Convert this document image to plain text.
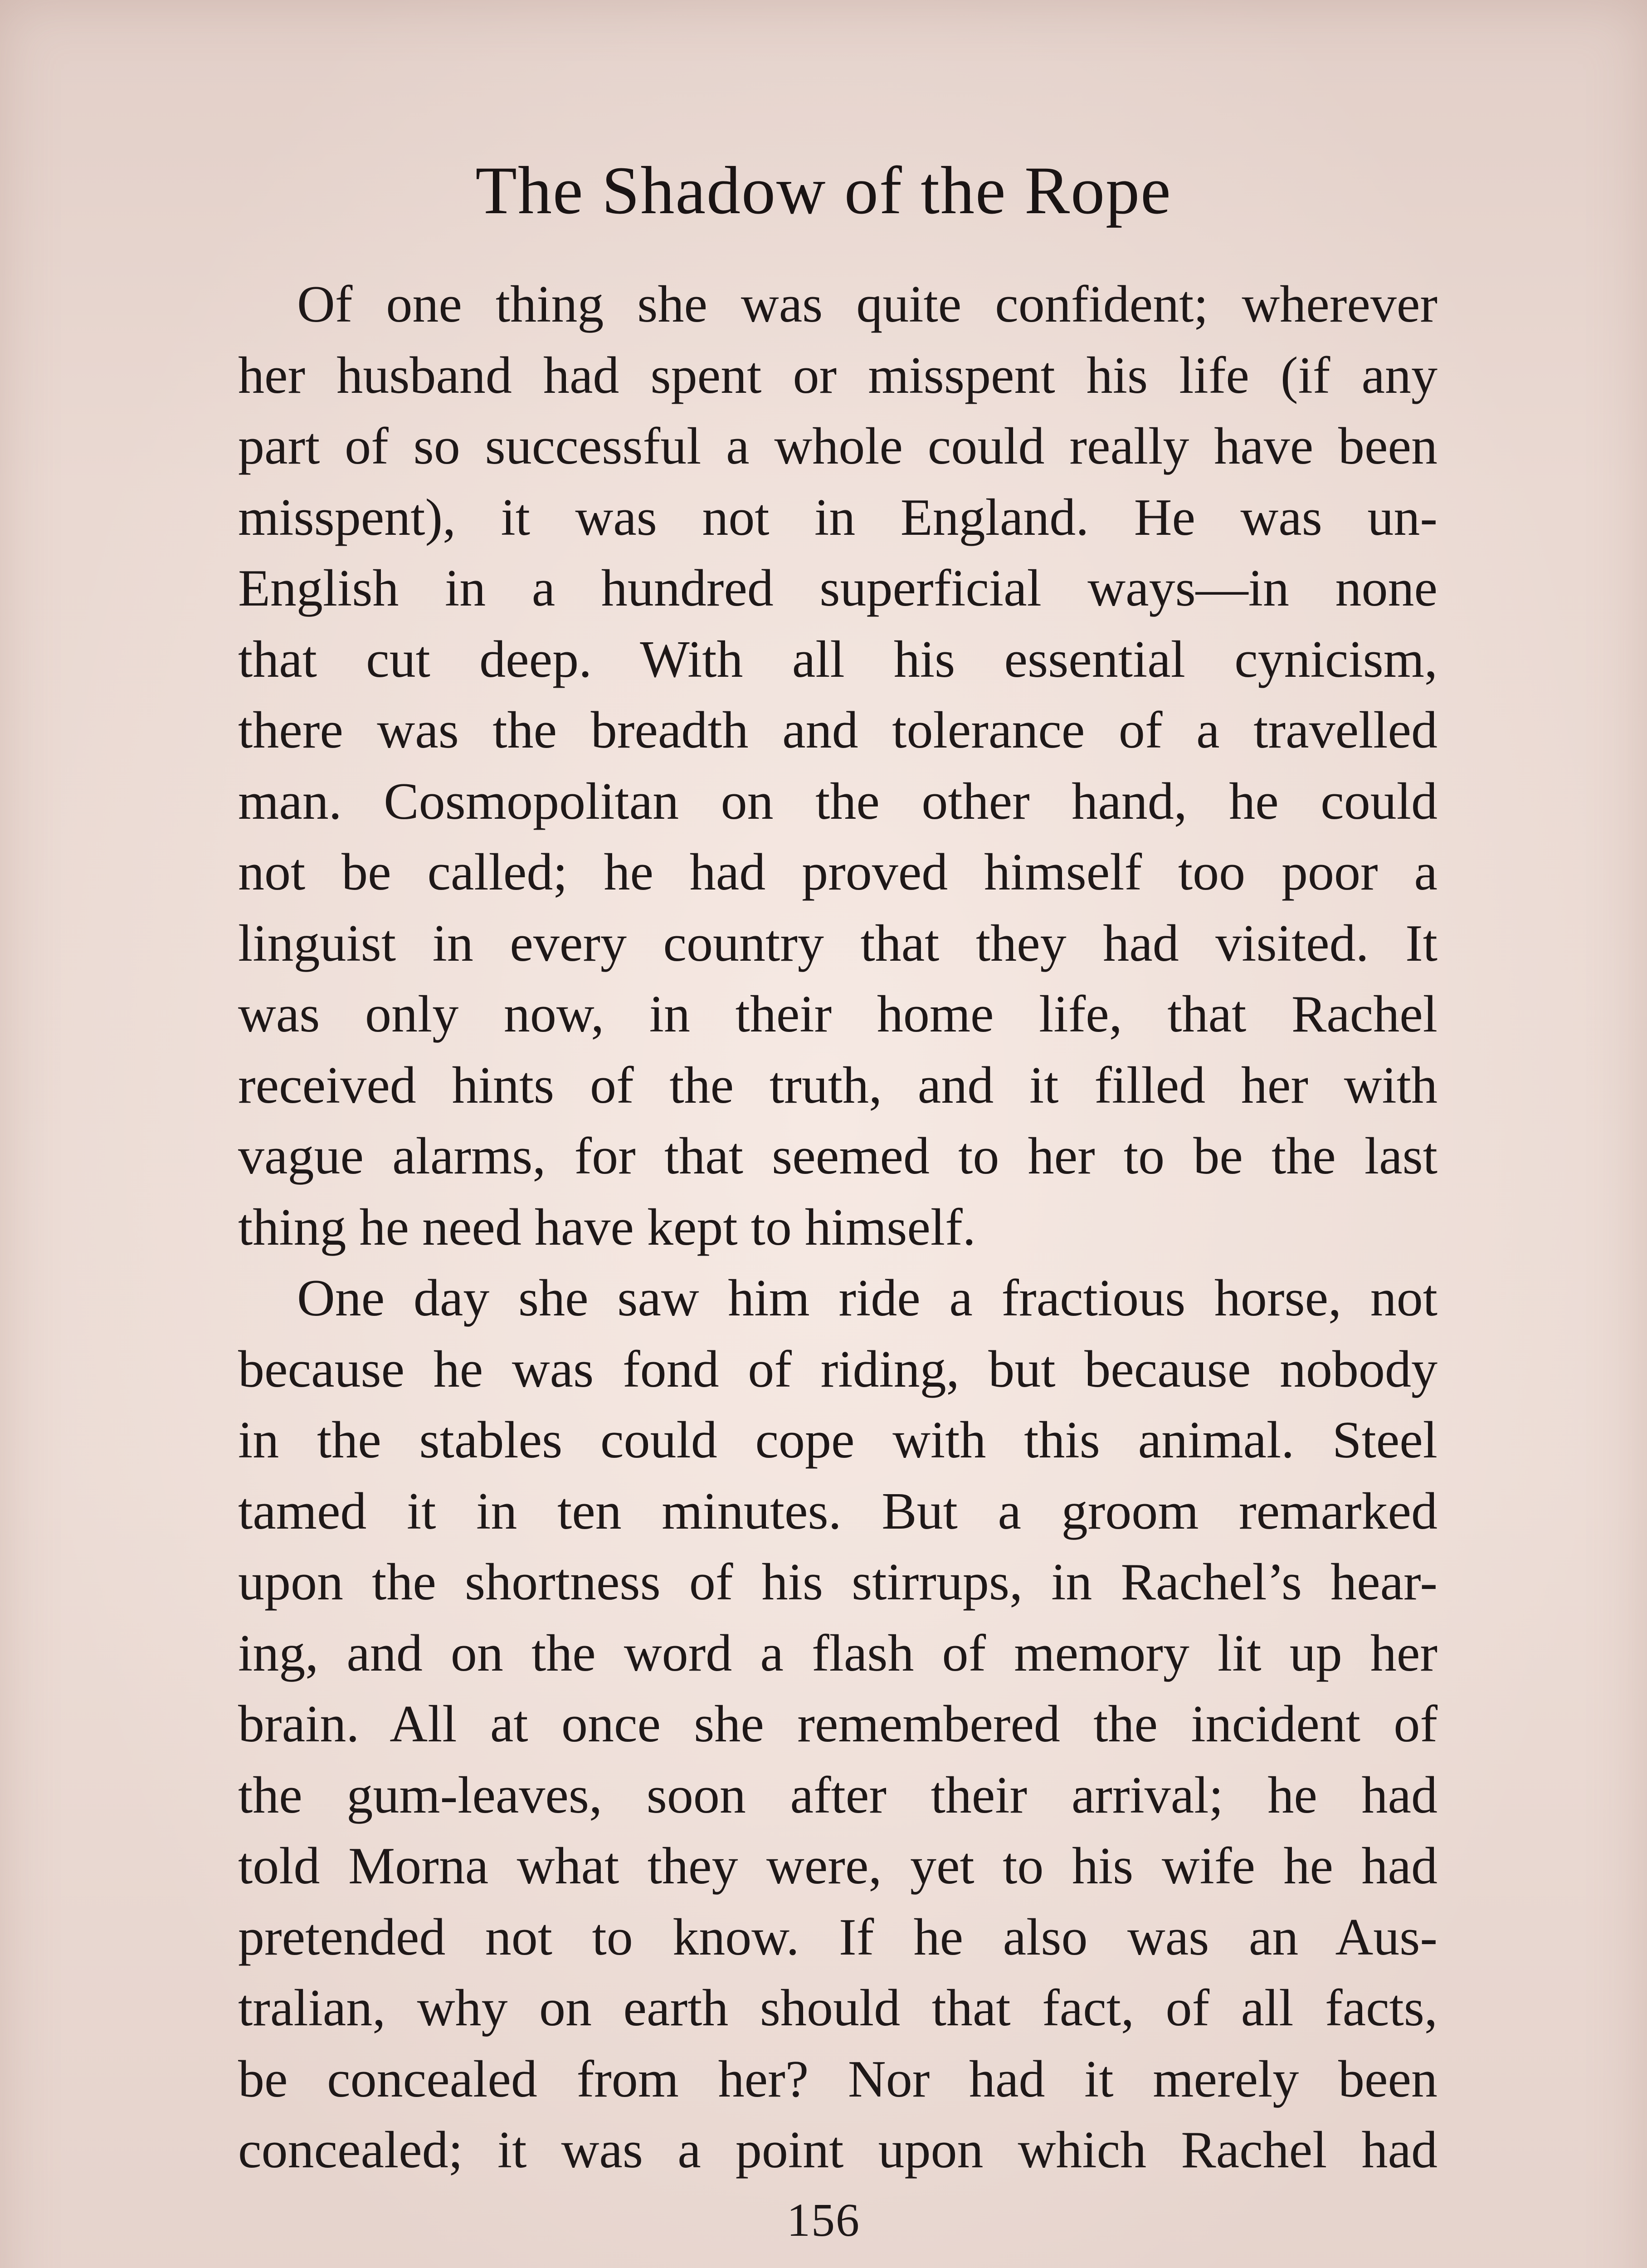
The Shadow of the Rope
Of one thing she was quite confident; wherever
her husband had spent or misspent his life (if any
part of so successful a whole could really have been
misspent), it was not in England. He was un-
English in a hundred superficial ways—in none
that cut deep. With all his essential cynicism,
there was the breadth and tolerance of a travelled
man. Cosmopolitan on the other hand, he could
not be called; he had proved himself too poor a
linguist in every country that they had visited. It
was only now, in their home life, that Rachel
received hints of the truth, and it filled her with
vague alarms, for that seemed to her to be the last
thing he need have kept to himself.
One day she saw him ride a fractious horse, not
because he was fond of riding, but because nobody
in the stables could cope with this animal. Steel
tamed it in ten minutes. But a groom remarked
upon the shortness of his stirrups, in Rachel’s hear-
ing, and on the word a flash of memory lit up her
brain. All at once she remembered the incident of
the gum-leaves, soon after their arrival; he had
told Morna what they were, yet to his wife he had
pretended not to know. If he also was an Aus-
tralian, why on earth should that fact, of all facts,
be concealed from her? Nor had it merely been
concealed; it was a point upon which Rachel had
156
